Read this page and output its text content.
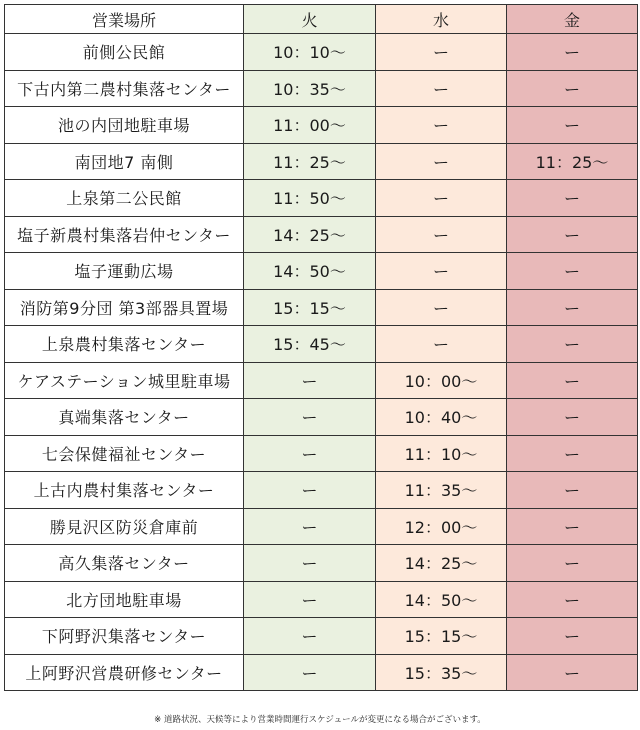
営業場所	火	水	金
前側公民館	10：10～	ー	ー
下古内第二農村集落センター	10：35～	ー	ー
池の内団地駐車場	11：00～	ー	ー
南団地7 南側	11：25～	ー	11：25～
上泉第二公民館	11：50～	ー	ー
塩子新農村集落岩仲センター	14：25～	ー	ー
塩子運動広場	14：50～	ー	ー
消防第9分団 第3部器具置場	15：15～	ー	ー
上泉農村集落センター	15：45～	ー	ー
ケアステーション城里駐車場	ー	10：00～	ー
真端集落センター	ー	10：40～	ー
七会保健福祉センター	ー	11：10～	ー
上古内農村集落センター	ー	11：35～	ー
勝見沢区防災倉庫前	ー	12：00～	ー
高久集落センター	ー	14：25～	ー
北方団地駐車場	ー	14：50～	ー
下阿野沢集落センター	ー	15：15～	ー
上阿野沢営農研修センター	ー	15：35～	ー
※ 道路状況、天候等により営業時間運行スケジュールが変更になる場合がございます。
